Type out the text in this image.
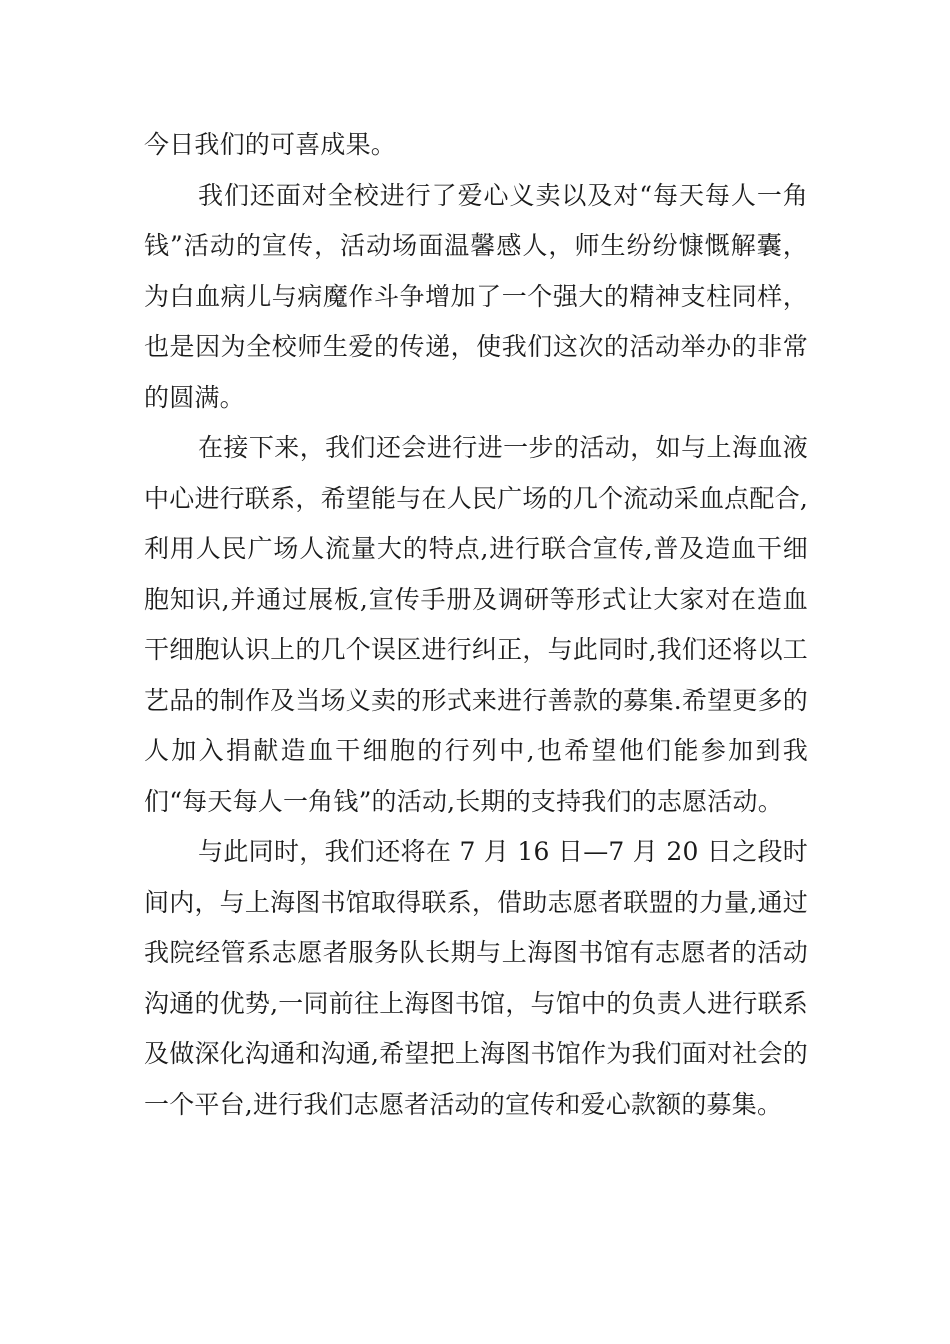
今日我们的可喜成果。

我们还面对全校进行了爱心义卖以及对“每天每人一角钱”活动的宣传，活动场面温馨感人，师生纷纷慷慨解囊，为白血病儿与病魔作斗争增加了一个强大的精神支柱同样，也是因为全校师生爱的传递，使我们这次的活动举办的非常的圆满。

在接下来，我们还会进行进一步的活动，如与上海血液中心进行联系，希望能与在人民广场的几个流动采血点配合,利用人民广场人流量大的特点,进行联合宣传,普及造血干细胞知识,并通过展板,宣传手册及调研等形式让大家对在造血干细胞认识上的几个误区进行纠正，与此同时,我们还将以工艺品的制作及当场义卖的形式来进行善款的募集.希望更多的人加入捐献造血干细胞的行列中,也希望他们能参加到我们“每天每人一角钱”的活动,长期的支持我们的志愿活动。

与此同时，我们还将在 7 月 16 日—7 月 20 日之段时间内，与上海图书馆取得联系，借助志愿者联盟的力量,通过我院经管系志愿者服务队长期与上海图书馆有志愿者的活动沟通的优势,一同前往上海图书馆，与馆中的负责人进行联系及做深化沟通和沟通,希望把上海图书馆作为我们面对社会的一个平台,进行我们志愿者活动的宣传和爱心款额的募集。
